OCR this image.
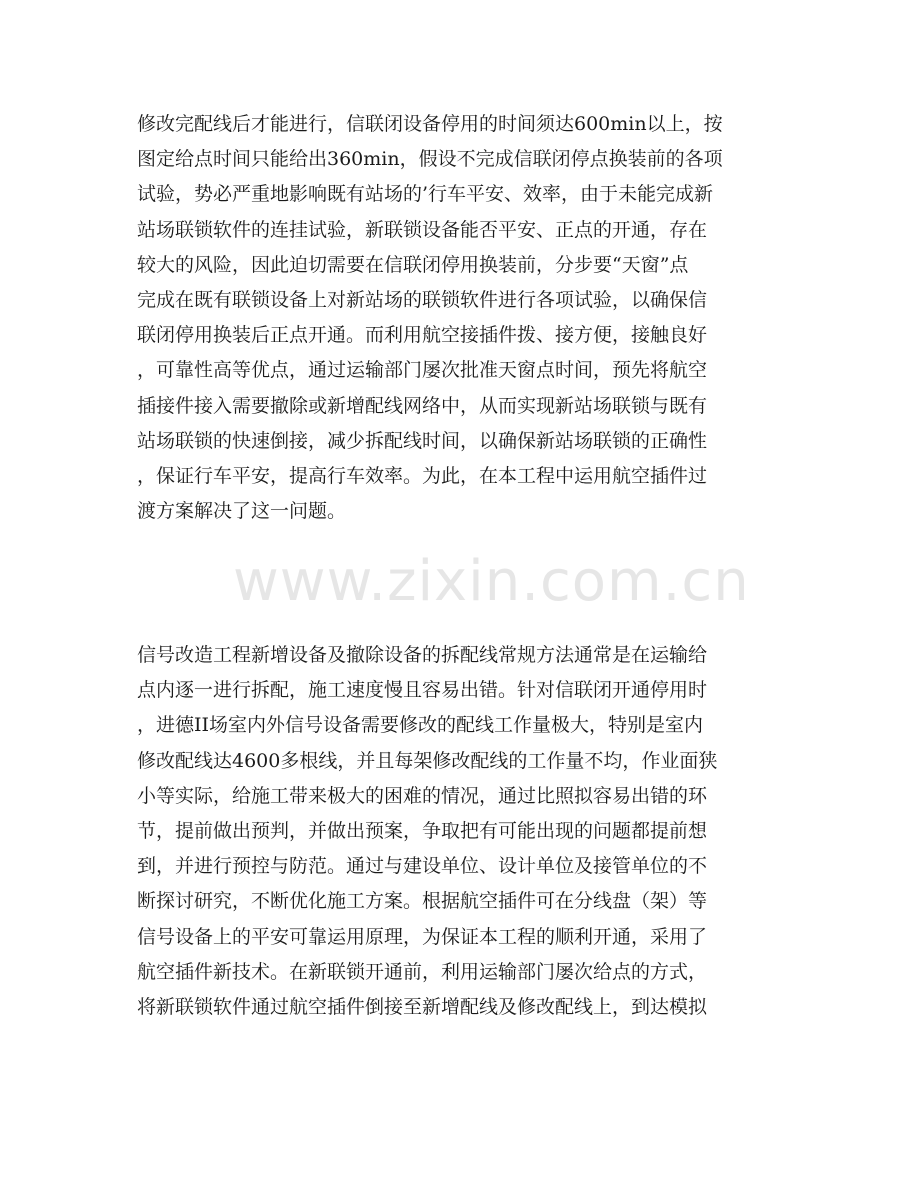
修改完配线后才能进行，信联闭设备停用的时间须达600min以上，按
图定给点时间只能给出360min，假设不完成信联闭停点换装前的各项
试验，势必严重地影响既有站场的’行车平安、效率，由于未能完成新
站场联锁软件的连挂试验，新联锁设备能否平安、正点的开通，存在
较大的风险，因此迫切需要在信联闭停用换装前，分步要“天窗”点
完成在既有联锁设备上对新站场的联锁软件进行各项试验，以确保信
联闭停用换装后正点开通。而利用航空接插件拨、接方便，接触良好
，可靠性高等优点，通过运输部门屡次批准天窗点时间，预先将航空
插接件接入需要撤除或新增配线网络中，从而实现新站场联锁与既有
站场联锁的快速倒接，减少拆配线时间，以确保新站场联锁的正确性
，保证行车平安，提高行车效率。为此，在本工程中运用航空插件过
渡方案解决了这一问题。
信号改造工程新增设备及撤除设备的拆配线常规方法通常是在运输给
点内逐一进行拆配，施工速度慢且容易出错。针对信联闭开通停用时
，进德II场室内外信号设备需要修改的配线工作量极大，特别是室内
修改配线达4600多根线，并且每架修改配线的工作量不均，作业面狭
小等实际，给施工带来极大的困难的情况，通过比照拟容易出错的环
节，提前做出预判，并做出预案，争取把有可能出现的问题都提前想
到，并进行预控与防范。通过与建设单位、设计单位及接管单位的不
断探讨研究，不断优化施工方案。根据航空插件可在分线盘（架）等
信号设备上的平安可靠运用原理，为保证本工程的顺利开通，采用了
航空插件新技术。在新联锁开通前，利用运输部门屡次给点的方式，
将新联锁软件通过航空插件倒接至新增配线及修改配线上，到达模拟
www.zixin.com.cn
